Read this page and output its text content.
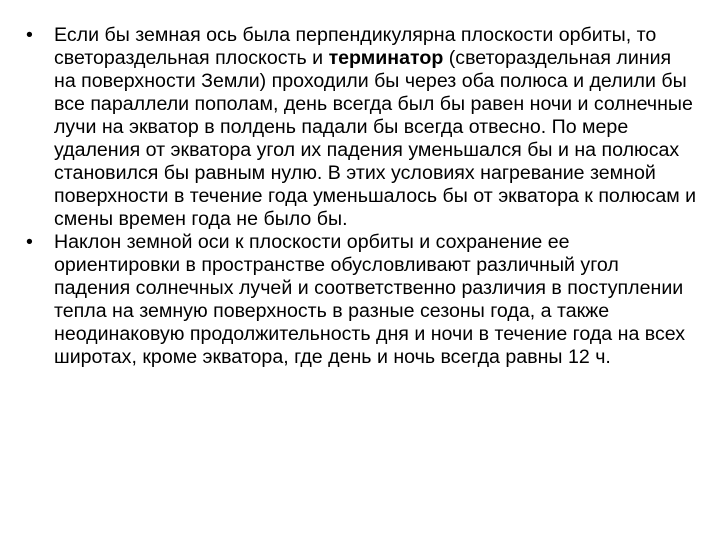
•	Если бы земная ось была перпендикулярна плоскости орбиты, то светораздельная плоскость и терминатор (светораздельная линия на поверхности Земли) проходили бы через оба полюса и делили бы все параллели пополам, день всегда был бы равен ночи и солнечные лучи на экватор в полдень падали бы всегда отвесно. По мере удаления от экватора угол их падения уменьшался бы и на полюсах становился бы равным нулю. В этих условиях нагревание земной поверхности в течение года уменьшалось бы от экватора к полюсам и смены времен года не было бы.
•	Наклон земной оси к плоскости орбиты и сохранение ее ориентировки в пространстве обусловливают различный угол падения солнечных лучей и соответственно различия в поступлении тепла на земную поверхность в разные сезоны года, а также неодинаковую продолжительность дня и ночи в течение года на всех широтах, кроме экватора, где день и ночь всегда равны 12 ч.
